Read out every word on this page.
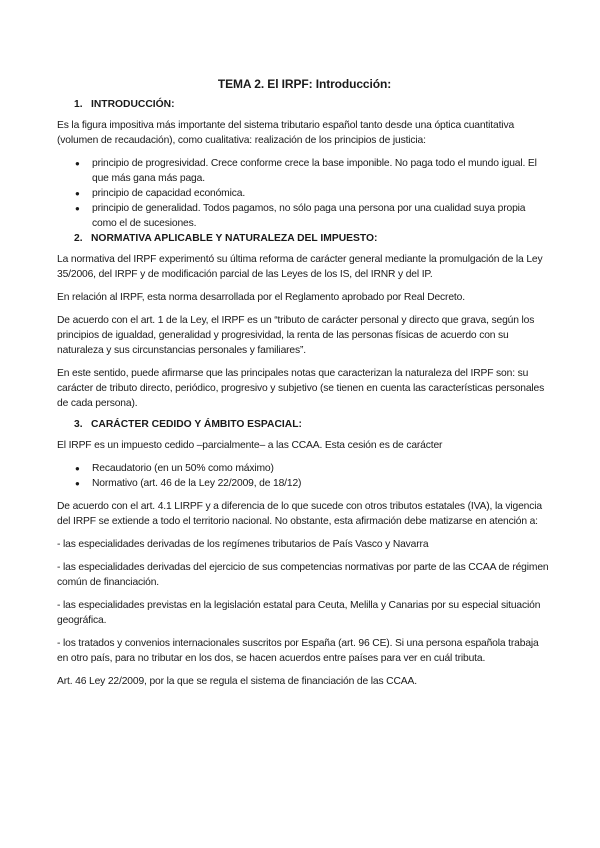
TEMA 2. El IRPF: Introducción:
1. INTRODUCCIÓN:

Es la figura impositiva más importante del sistema tributario español tanto desde una óptica cuantitativa (volumen de recaudación), como cualitativa: realización de los principios de justicia:

● principio de progresividad. Crece conforme crece la base imponible. No paga todo el mundo igual. El que más gana más paga.
● principio de capacidad económica.
● principio de generalidad. Todos pagamos, no sólo paga una persona por una cualidad suya propia como el de sucesiones.
2. NORMATIVA APLICABLE Y NATURALEZA DEL IMPUESTO:

La normativa del IRPF experimentó su última reforma de carácter general mediante la promulgación de la Ley 35/2006, del IRPF y de modificación parcial de las Leyes de los IS, del IRNR y del IP.

En relación al IRPF, esta norma desarrollada por el Reglamento aprobado por Real Decreto.

De acuerdo con el art. 1 de la Ley, el IRPF es un “tributo de carácter personal y directo que grava, según los principios de igualdad, generalidad y progresividad, la renta de las personas físicas de acuerdo con su naturaleza y sus circunstancias personales y familiares”.

En este sentido, puede afirmarse que las principales notas que caracterizan la naturaleza del IRPF son: su carácter de tributo directo, periódico, progresivo y subjetivo (se tienen en cuenta las características personales de cada persona).

3. CARÁCTER CEDIDO Y ÁMBITO ESPACIAL:

El IRPF es un impuesto cedido –parcialmente– a las CCAA. Esta cesión es de carácter

● Recaudatorio (en un 50% como máximo)
● Normativo (art. 46 de la Ley 22/2009, de 18/12)

De acuerdo con el art. 4.1 LIRPF y a diferencia de lo que sucede con otros tributos estatales (IVA), la vigencia del IRPF se extiende a todo el territorio nacional. No obstante, esta afirmación debe matizarse en atención a:

- las especialidades derivadas de los regímenes tributarios de País Vasco y Navarra

- las especialidades derivadas del ejercicio de sus competencias normativas por parte de las CCAA de régimen común de financiación.

- las especialidades previstas en la legislación estatal para Ceuta, Melilla y Canarias por su especial situación geográfica.

- los tratados y convenios internacionales suscritos por España (art. 96 CE). Si una persona española trabaja en otro país, para no tributar en los dos, se hacen acuerdos entre países para ver en cuál tributa.

Art. 46 Ley 22/2009, por la que se regula el sistema de financiación de las CCAA.
